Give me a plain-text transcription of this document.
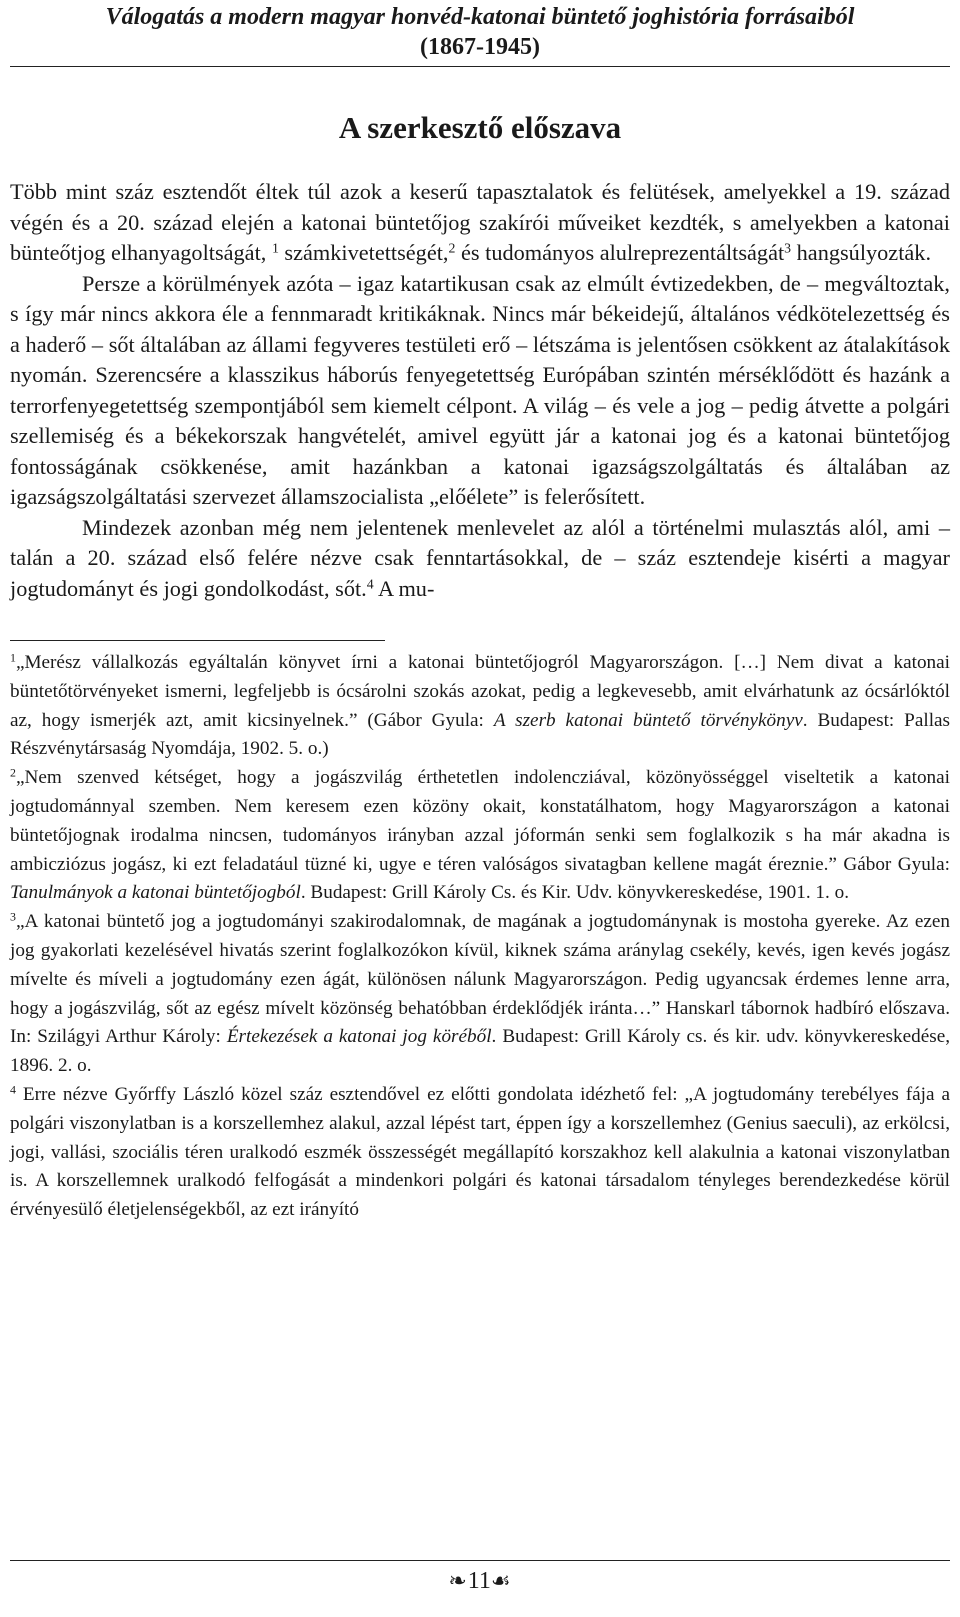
Válogatás a modern magyar honvéd-katonai büntető joghistória forrásaiból
(1867-1945)
A szerkesztő előszava

Több mint száz esztendőt éltek túl azok a keserű tapasztalatok és felütések, amelyekkel a 19. század végén és a 20. század elején a katonai büntetőjog szakírói műveiket kezdték, s amelyekben a katonai bünteőtjog elhanyagoltságát, $^1$ számkivetettségét,$^2$ és tudományos alulreprezentáltságát$^3$ hangsúlyozták.

Persze a körülmények azóta – igaz katartikusan csak az elmúlt évtizedekben, de – megváltoztak, s így már nincs akkora éle a fennmaradt kritikáknak. Nincs már békeidejű, általános védkötelezettség és a haderő – sőt általában az állami fegyveres testületi erő – létszáma is jelentősen csökkent az átalakítások nyomán. Szerencsére a klasszikus háborús fenyegetettség Európában szintén mérséklődött és hazánk a terrorfenyegetettség szempontjából sem kiemelt célpont. A világ – és vele a jog – pedig átvette a polgári szellemiség és a békekorszak hangvételét, amivel együtt jár a katonai jog és a katonai büntetőjog fontosságának csökkenése, amit hazánkban a katonai igazságszolgáltatás és általában az igazságszolgáltatási szervezet államszocialista „előélete” is felerősített.

Mindezek azonban még nem jelentenek menlevelet az alól a történelmi mulasztás alól, ami – talán a 20. század első felére nézve csak fenntartásokkal, de – száz esztendeje kisérti a magyar jogtudományt és jogi gondolkodást, sőt.$^4$ A mu-

$^1$„Merész vállalkozás egyáltalán könyvet írni a katonai büntetőjogról Magyarországon. […] Nem divat a katonai büntetőtörvényeket ismerni, legfeljebb is ócsárolni szokás azokat, pedig a legkevesebb, amit elvárhatunk az ócsárlóktól az, hogy ismerjék azt, amit kicsinyelnek.” (Gábor Gyula: A szerb katonai büntető törvénykönyv. Budapest: Pallas Részvénytársaság Nyomdája, 1902. 5. o.)

$^2$„Nem szenved kétséget, hogy a jogászvilág érthetetlen indolencziával, közönyösséggel viseltetik a katonai jogtudománnyal szemben. Nem keresem ezen közöny okait, konstatálhatom, hogy Magyarországon a katonai büntetőjognak irodalma nincsen, tudományos irányban azzal jóformán senki sem foglalkozik s ha már akadna is ambicziózus jogász, ki ezt feladatául tüzné ki, ugye e téren valóságos sivatagban kellene magát éreznie.” Gábor Gyula: Tanulmányok a katonai büntetőjogból. Budapest: Grill Károly Cs. és Kir. Udv. könyvkereskedése, 1901. 1. o.

$^3$„A katonai büntető jog a jogtudományi szakirodalomnak, de magának a jogtudománynak is mostoha gyereke. Az ezen jog gyakorlati kezelésével hivatás szerint foglalkozókon kívül, kiknek száma aránylag csekély, kevés, igen kevés jogász mívelte és míveli a jogtudomány ezen ágát, különösen nálunk Magyarországon. Pedig ugyancsak érdemes lenne arra, hogy a jogászvilág, sőt az egész mívelt közönség behatóbban érdeklődjék iránta…” Hanskarl tábornok hadbíró előszava. In: Szilágyi Arthur Károly: Értekezések a katonai jog köréből. Budapest: Grill Károly cs. és kir. udv. könyvkereskedése, 1896. 2. o.

$^4$ Erre nézve Győrffy László közel száz esztendővel ez előtti gondolata idézhető fel: „A jogtudomány terebélyes fája a polgári viszonylatban is a korszellemhez alakul, azzal lépést tart, éppen így a korszellemhez (Genius saeculi), az erkölcsi, jogi, vallási, szociális téren uralkodó eszmék összességét megállapító korszakhoz kell alakulnia a katonai viszonylatban is. A korszellemnek uralkodó felfogását a mindenkori polgári és katonai társadalom tényleges berendezkedése körül érvényesülő életjelenségekből, az ezt irányító

❧11☙
